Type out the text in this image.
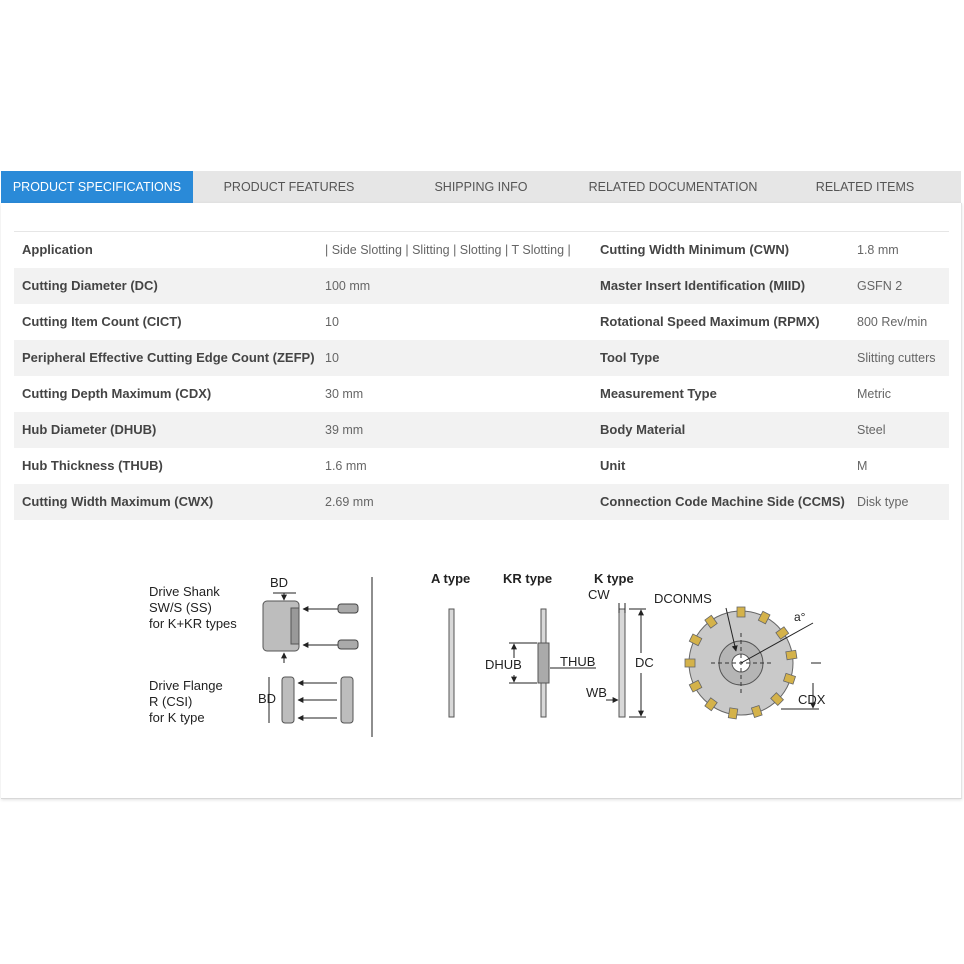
PRODUCT SPECIFICATIONS	PRODUCT FEATURES	SHIPPING INFO	RELATED DOCUMENTATION	RELATED ITEMS
Application	| Side Slotting | Slitting | Slotting | T Slotting |	Cutting Width Minimum (CWN)	1.8 mm
Cutting Diameter (DC)	100 mm	Master Insert Identification (MIID)	GSFN 2
Cutting Item Count (CICT)	10	Rotational Speed Maximum (RPMX)	800 Rev/min
Peripheral Effective Cutting Edge Count (ZEFP)	10	Tool Type	Slitting cutters
Cutting Depth Maximum (CDX)	30 mm	Measurement Type	Metric
Hub Diameter (DHUB)	39 mm	Body Material	Steel
Hub Thickness (THUB)	1.6 mm	Unit	M
Cutting Width Maximum (CWX)	2.69 mm	Connection Code Machine Side (CCMS)	Disk type
Drive Shank
SW/S (SS)
for K+KR types
Drive Flange
R (CSI)
for K type
BD
BD
A type	KR type	K type
DHUB	THUB
CW
DC
WB
DCONMS
a°
CDX
